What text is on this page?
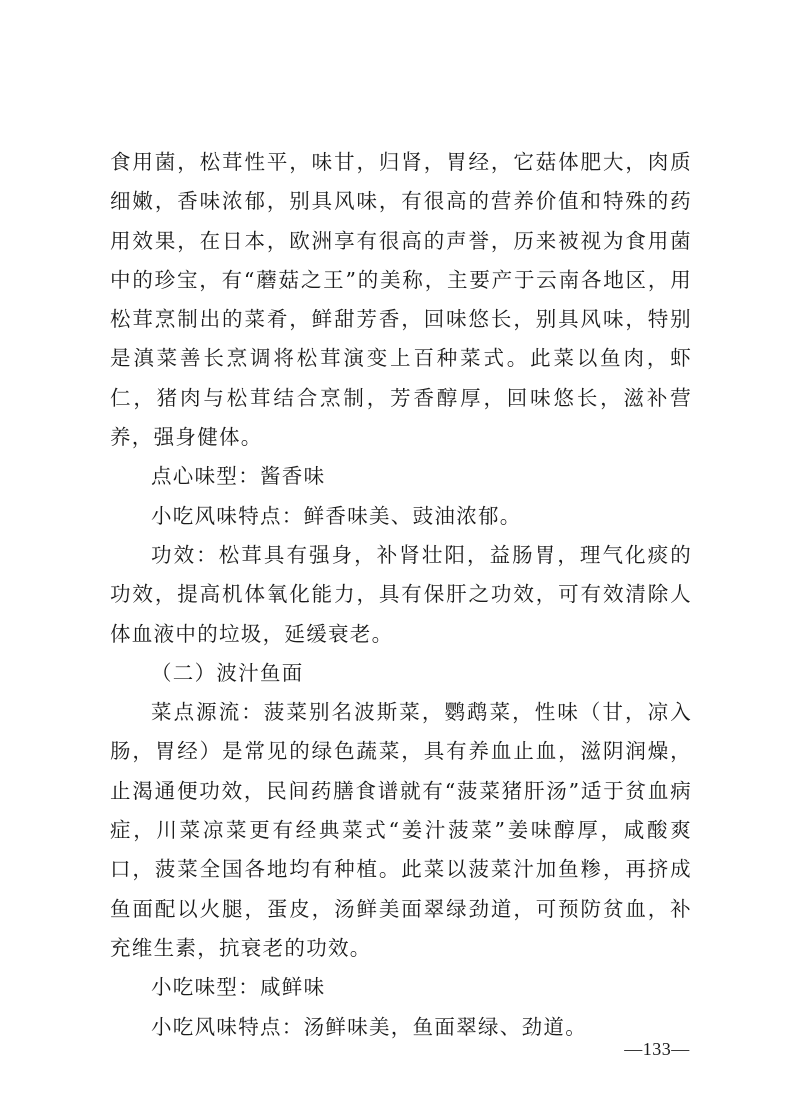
食用菌，松茸性平，味甘，归肾，胃经，它菇体肥大，肉质细嫩，香味浓郁，别具风味，有很高的营养价值和特殊的药用效果，在日本，欧洲享有很高的声誉，历来被视为食用菌中的珍宝，有“蘑菇之王”的美称，主要产于云南各地区，用松茸烹制出的菜肴，鲜甜芳香，回味悠长，别具风味，特别是滇菜善长烹调将松茸演变上百种菜式。此菜以鱼肉，虾仁，猪肉与松茸结合烹制，芳香醇厚，回味悠长，滋补营养，强身健体。

点心味型：酱香味

小吃风味特点：鲜香味美、豉油浓郁。

功效：松茸具有强身，补肾壮阳，益肠胃，理气化痰的功效，提高机体氧化能力，具有保肝之功效，可有效清除人体血液中的垃圾，延缓衰老。

（二）波汁鱼面

菜点源流：菠菜别名波斯菜，鹦鹉菜，性味（甘，凉入肠，胃经）是常见的绿色蔬菜，具有养血止血，滋阴润燥，止渴通便功效，民间药膳食谱就有“菠菜猪肝汤”适于贫血病症，川菜凉菜更有经典菜式“姜汁菠菜”姜味醇厚，咸酸爽口，菠菜全国各地均有种植。此菜以菠菜汁加鱼糁，再挤成鱼面配以火腿，蛋皮，汤鲜美面翠绿劲道，可预防贫血，补充维生素，抗衰老的功效。

小吃味型：咸鲜味

小吃风味特点：汤鲜味美，鱼面翠绿、劲道。

—133—
